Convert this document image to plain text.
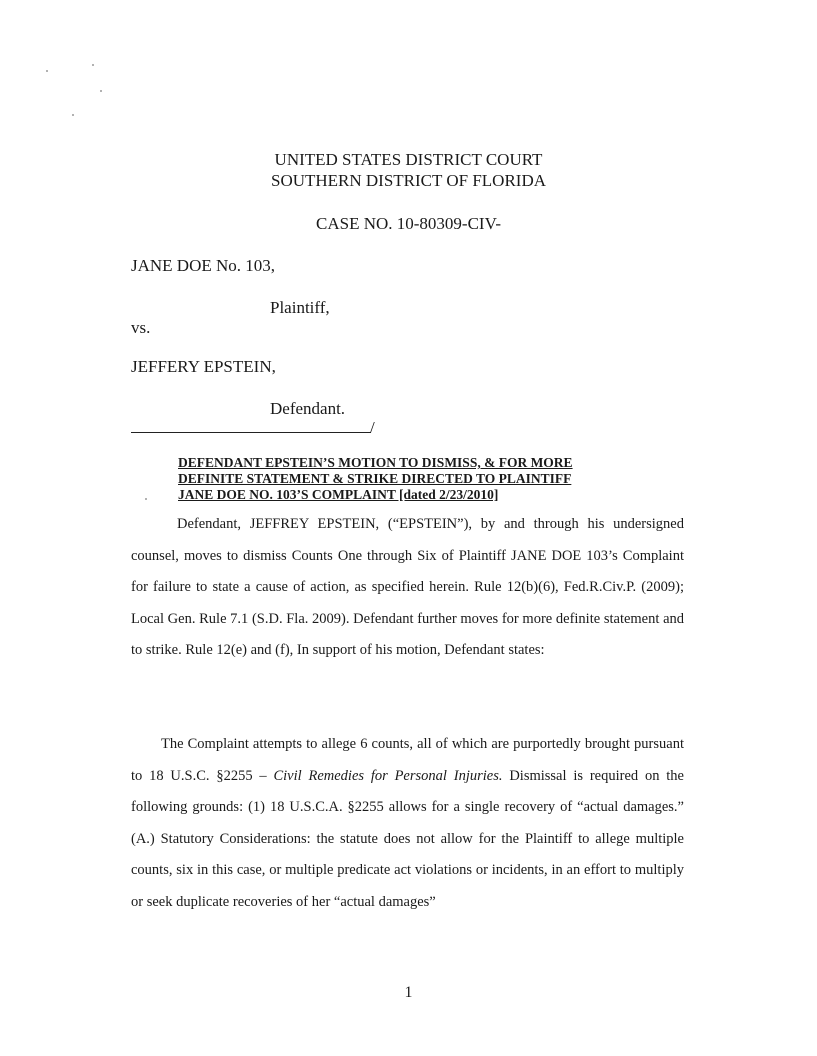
UNITED STATES DISTRICT COURT
SOUTHERN DISTRICT OF FLORIDA
CASE NO. 10-80309-CIV-
JANE DOE No. 103,
Plaintiff,
vs.
JEFFERY EPSTEIN,
Defendant.
/
DEFENDANT EPSTEIN’S MOTION TO DISMISS, & FOR MORE
DEFINITE STATEMENT & STRIKE DIRECTED TO PLAINTIFF
JANE DOE NO. 103’S COMPLAINT [dated 2/23/2010]
Defendant, JEFFREY EPSTEIN, (“EPSTEIN”), by and through his undersigned counsel, moves to dismiss Counts One through Six of Plaintiff JANE DOE 103’s Complaint for failure to state a cause of action, as specified herein. Rule 12(b)(6), Fed.R.Civ.P. (2009); Local Gen. Rule 7.1 (S.D. Fla. 2009). Defendant further moves for more definite statement and to strike. Rule 12(e) and (f), In support of his motion, Defendant states:
The Complaint attempts to allege 6 counts, all of which are purportedly brought pursuant to 18 U.S.C. §2255 – Civil Remedies for Personal Injuries. Dismissal is required on the following grounds: (1) 18 U.S.C.A. §2255 allows for a single recovery of “actual damages.” (A.) Statutory Considerations: the statute does not allow for the Plaintiff to allege multiple counts, six in this case, or multiple predicate act violations or incidents, in an effort to multiply or seek duplicate recoveries of her “actual damages”
1
